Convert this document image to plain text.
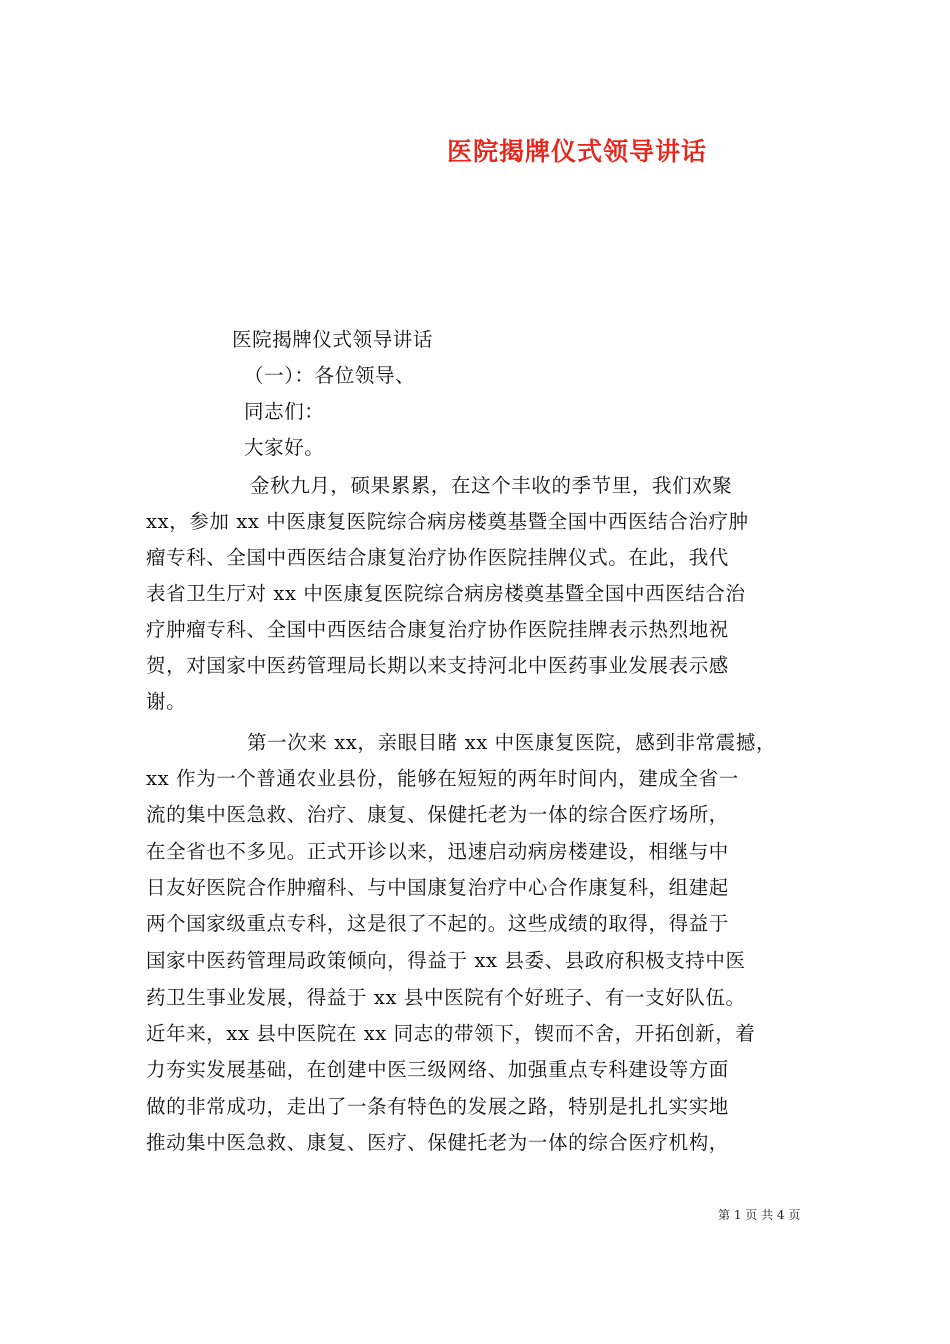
医院揭牌仪式领导讲话
医院揭牌仪式领导讲话
（一）：各位领导、
同志们：
大家好。
金秋九月，硕果累累，在这个丰收的季节里，我们欢聚
xx，参加 xx 中医康复医院综合病房楼奠基暨全国中西医结合治疗肿
瘤专科、全国中西医结合康复治疗协作医院挂牌仪式。在此，我代
表省卫生厅对 xx 中医康复医院综合病房楼奠基暨全国中西医结合治
疗肿瘤专科、全国中西医结合康复治疗协作医院挂牌表示热烈地祝
贺，对国家中医药管理局长期以来支持河北中医药事业发展表示感
谢。
第一次来 xx，亲眼目睹 xx 中医康复医院，感到非常震撼，
xx 作为一个普通农业县份，能够在短短的两年时间内，建成全省一
流的集中医急救、治疗、康复、保健托老为一体的综合医疗场所，
在全省也不多见。正式开诊以来，迅速启动病房楼建设，相继与中
日友好医院合作肿瘤科、与中国康复治疗中心合作康复科，组建起
两个国家级重点专科，这是很了不起的。这些成绩的取得，得益于
国家中医药管理局政策倾向，得益于 xx 县委、县政府积极支持中医
药卫生事业发展，得益于 xx 县中医院有个好班子、有一支好队伍。
近年来，xx 县中医院在 xx 同志的带领下，锲而不舍，开拓创新，着
力夯实发展基础，在创建中医三级网络、加强重点专科建设等方面
做的非常成功，走出了一条有特色的发展之路，特别是扎扎实实地
推动集中医急救、康复、医疗、保健托老为一体的综合医疗机构，
第 1 页 共 4 页
